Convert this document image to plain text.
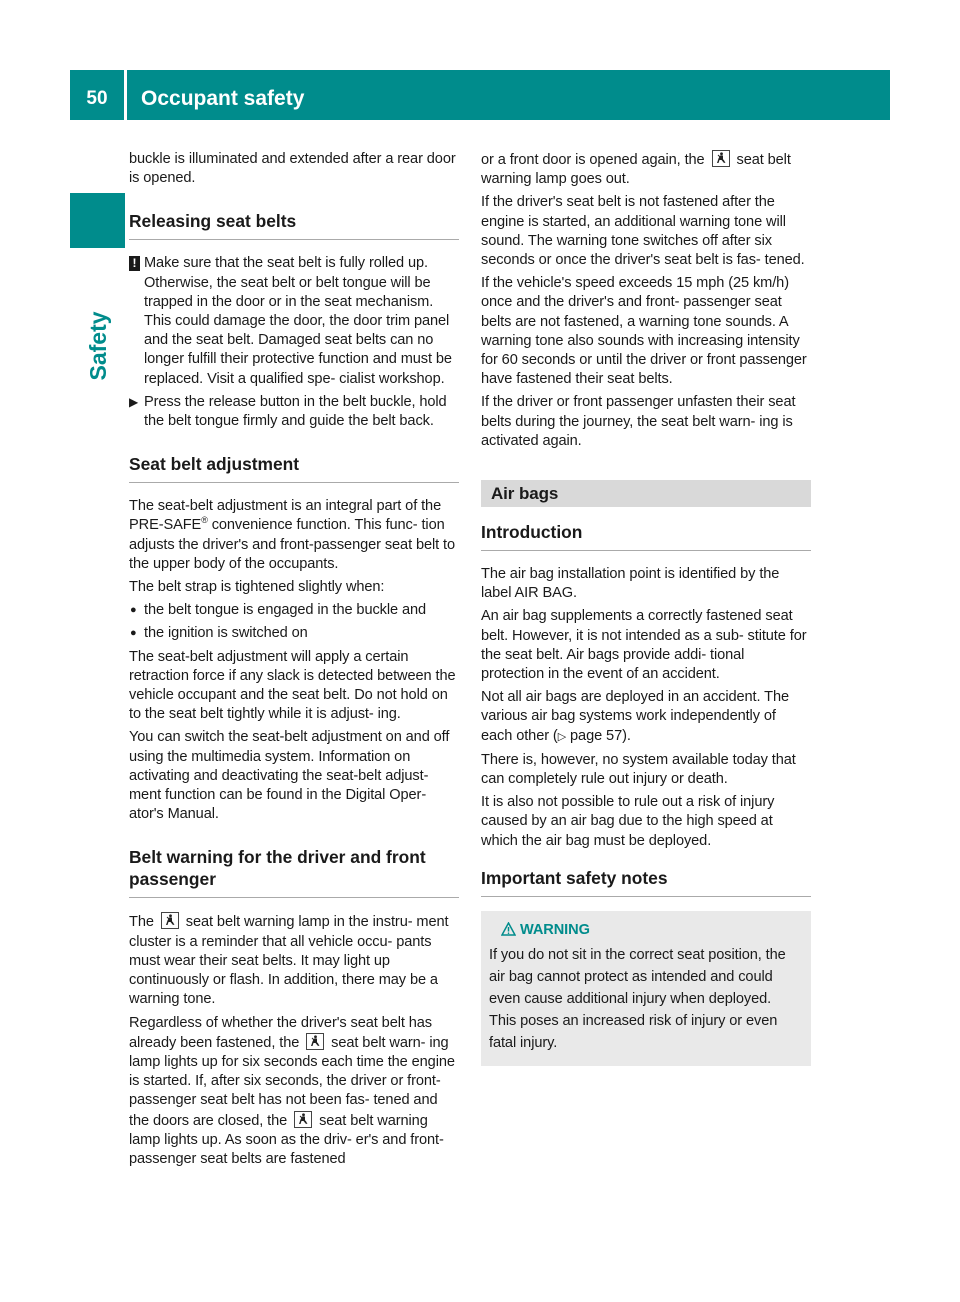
50	Occupant safety
Safety

buckle is illuminated and extended after a rear door is opened.

Releasing seat belts
! Make sure that the seat belt is fully rolled up. Otherwise, the seat belt or belt tongue will be trapped in the door or in the seat mechanism. This could damage the door, the door trim panel and the seat belt. Damaged seat belts can no longer fulfill their protective function and must be replaced. Visit a qualified spe- cialist workshop.
▶ Press the release button in the belt buckle, hold the belt tongue firmly and guide the belt back.
Seat belt adjustment

The seat-belt adjustment is an integral part of the PRE-SAFE® convenience function. This func- tion adjusts the driver's and front-passenger seat belt to the upper body of the occupants.

The belt strap is tightened slightly when:

● the belt tongue is engaged in the buckle and
● the ignition is switched on

The seat-belt adjustment will apply a certain retraction force if any slack is detected between the vehicle occupant and the seat belt. Do not hold on to the seat belt tightly while it is adjust- ing.

You can switch the seat-belt adjustment on and off using the multimedia system. Information on activating and deactivating the seat-belt adjust- ment function can be found in the Digital Oper- ator's Manual.

Belt warning for the driver and front passenger

The seat belt warning lamp in the instru- ment cluster is a reminder that all vehicle occu- pants must wear their seat belts. It may light up continuously or flash. In addition, there may be a warning tone.

Regardless of whether the driver's seat belt has already been fastened, the seat belt warn- ing lamp lights up for six seconds each time the engine is started. If, after six seconds, the driver or front-passenger seat belt has not been fas- tened and the doors are closed, the seat belt warning lamp lights up. As soon as the driv- er's and front-passenger seat belts are fastened

or a front door is opened again, the seat belt warning lamp goes out.

If the driver's seat belt is not fastened after the engine is started, an additional warning tone will sound. The warning tone switches off after six seconds or once the driver's seat belt is fas- tened.

If the vehicle's speed exceeds 15 mph (25 km/h) once and the driver's and front- passenger seat belts are not fastened, a warning tone sounds. A warning tone also sounds with increasing intensity for 60 seconds or until the driver or front passenger have fastened their seat belts.

If the driver or front passenger unfasten their seat belts during the journey, the seat belt warn- ing is activated again.

Air bags
Introduction

The air bag installation point is identified by the label AIR BAG.

An air bag supplements a correctly fastened seat belt. However, it is not intended as a sub- stitute for the seat belt. Air bags provide addi- tional protection in the event of an accident.

Not all air bags are deployed in an accident. The various air bag systems work independently of each other (▷ page 57).

There is, however, no system available today that can completely rule out injury or death.

It is also not possible to rule out a risk of injury caused by an air bag due to the high speed at which the air bag must be deployed.

Important safety notes
WARNING
If you do not sit in the correct seat position, the air bag cannot protect as intended and could even cause additional injury when deployed. This poses an increased risk of injury or even fatal injury.
